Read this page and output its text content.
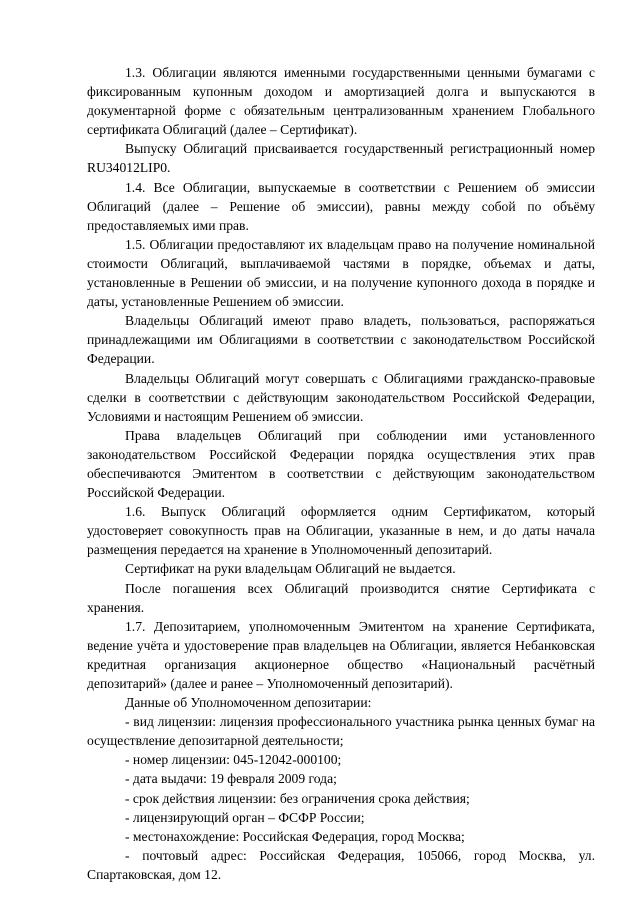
1.3. Облигации являются именными государственными ценными бумагами с фиксированным купонным доходом и амортизацией долга и выпускаются в документарной форме с обязательным централизованным хранением Глобального сертификата Облигаций (далее – Сертификат).

Выпуску Облигаций присваивается государственный регистрационный номер RU34012LIP0.

1.4. Все Облигации, выпускаемые в соответствии с Решением об эмиссии Облигаций (далее – Решение об эмиссии), равны между собой по объёму предоставляемых ими прав.

1.5. Облигации предоставляют их владельцам право на получение номинальной стоимости Облигаций, выплачиваемой частями в порядке, объемах и даты, установленные в Решении об эмиссии, и на получение купонного дохода в порядке и даты, установленные Решением об эмиссии.

Владельцы Облигаций имеют право владеть, пользоваться, распоряжаться принадлежащими им Облигациями в соответствии с законодательством Российской Федерации.

Владельцы Облигаций могут совершать с Облигациями гражданско-правовые сделки в соответствии с действующим законодательством Российской Федерации, Условиями и настоящим Решением об эмиссии.

Права владельцев Облигаций при соблюдении ими установленного законодательством Российской Федерации порядка осуществления этих прав обеспечиваются Эмитентом в соответствии с действующим законодательством Российской Федерации.

1.6. Выпуск Облигаций оформляется одним Сертификатом, который удостоверяет совокупность прав на Облигации, указанные в нем, и до даты начала размещения передается на хранение в Уполномоченный депозитарий.

Сертификат на руки владельцам Облигаций не выдается.

После погашения всех Облигаций производится снятие Сертификата с хранения.

1.7. Депозитарием, уполномоченным Эмитентом на хранение Сертификата, ведение учёта и удостоверение прав владельцев на Облигации, является Небанковская кредитная организация акционерное общество «Национальный расчётный депозитарий» (далее и ранее – Уполномоченный депозитарий).

Данные об Уполномоченном депозитарии:

- вид лицензии: лицензия профессионального участника рынка ценных бумаг на осуществление депозитарной деятельности;

- номер лицензии: 045-12042-000100;

- дата выдачи: 19 февраля 2009 года;

- срок действия лицензии: без ограничения срока действия;

- лицензирующий орган – ФСФР России;

- местонахождение: Российская Федерация, город Москва;

- почтовый адрес: Российская Федерация, 105066, город Москва, ул. Спартаковская, дом 12.
